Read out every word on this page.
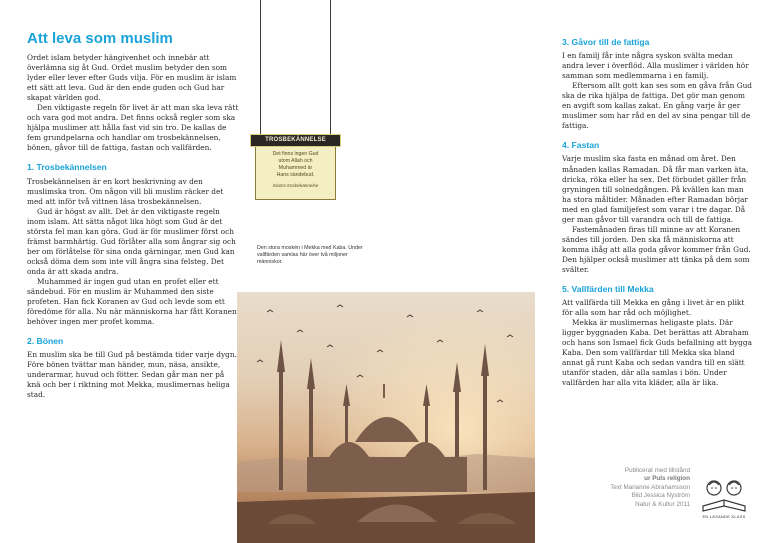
Att leva som muslim

Ordet islam betyder hängivenhet och innebär att överlämna sig åt Gud. Ordet muslim betyder den som lyder eller lever efter Guds vilja. För en muslim är islam ett sätt att leva. Gud är den ende guden och Gud har skapat världen god.

Den viktigaste regeln för livet är att man ska leva rätt och vara god mot andra. Det finns också regler som ska hjälpa muslimer att hålla fast vid sin tro. De kallas de fem grundpelarna och handlar om trosbekännelsen, bönen, gåvor till de fattiga, fastan och vallfärden.

1. Trosbekännelsen

Trosbekännelsen är en kort beskrivning av den muslimska tron. Om någon vill bli muslim räcker det med att inför två vittnen läsa trosbekännelsen.

Gud är högst av allt. Det är den viktigaste regeln inom islam. Att sätta något lika högt som Gud är det största fel man kan göra. Gud är för muslimer först och främst barmhärtig. Gud förlåter alla som ångrar sig och ber om förlåtelse för sina onda gärningar, men Gud kan också döma dem som inte vill ångra sina felsteg. Det onda är att skada andra.

Muhammed är ingen gud utan en profet eller ett sändebud. För en muslim är Muhammed den siste profeten. Han fick Koranen av Gud och levde som ett föredöme för alla. Nu när människorna har fått Koranen behöver ingen mer profet komma.

2. Bönen

En muslim ska be till Gud på bestämda tider varje dygn. Före bönen tvättar man händer, mun, näsa, ansikte, underarmar, huvud och fötter. Sedan går man ner på knä och ber i riktning mot Mekka, muslimernas heliga stad.

TROSBEKÄNNELSE

Det finns ingen Gud

utom Allah och

Muhammed är

Hans sändebud.

Islams trosbekännelse

Den stora moskén i Mekka med Kaba. Under vallfärden samlas här över två miljoner människor.

3. Gåvor till de fattiga

I en familj får inte några syskon svälta medan andra lever i överflöd. Alla muslimer i världen hör samman som medlemmarna i en familj.

Eftersom allt gott kan ses som en gåva från Gud ska de rika hjälpa de fattiga. Det gör man genom en avgift som kallas zakat. En gång varje år ger muslimer som har råd en del av sina pengar till de fattiga.

4. Fastan

Varje muslim ska fasta en månad om året. Den månaden kallas Ramadan. Då får man varken äta, dricka, röka eller ha sex. Det förbudet gäller från gryningen till solnedgången. På kvällen kan man ha stora måltider. Månaden efter Ramadan börjar med en glad familjefest som varar i tre dagar. Då ger man gåvor till varandra och till de fattiga.

Fastemånaden firas till minne av att Koranen sändes till jorden. Den ska få människorna att komma ihåg att alla goda gåvor kommer från Gud. Den hjälper också muslimer att tänka på dem som svälter.

5. Vallfärden till Mekka

Att vallfärda till Mekka en gång i livet är en plikt för alla som har råd och möjlighet.

Mekka är muslimernas heligaste plats. Där ligger byggnaden Kaba. Det berättas att Abraham och hans son Ismael fick Guds befallning att bygga Kaba. Den som vallfärdar till Mekka ska bland annat gå runt Kaba och sedan vandra till en slätt utanför staden, där alla samlas i bön. Under vallfärden har alla vita kläder, alla är lika.

Publicerat med tillstånd

ur Puls religion

Text Marianne Abrahamsson

Bild Jessica Nyström

Natur & Kultur 2011

EN LÄSANDE KLASS
